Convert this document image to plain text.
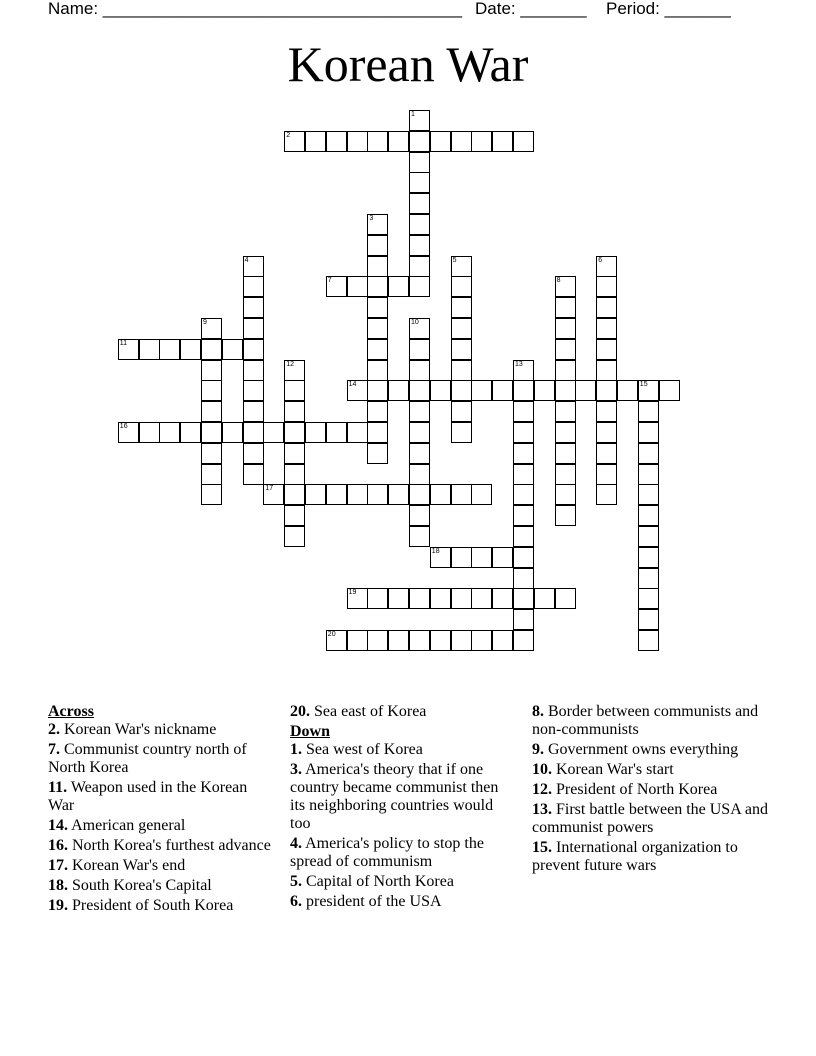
Name: ______________________________________ Date: _______ Period: _______
Korean War
1
2
3
4	5	6
7	8
9	10
11
12	13
14	15
16
17
18
19
20
Across
2. Korean War's nickname
7. Communist country north of North Korea
11. Weapon used in the Korean War
14. American general
16. North Korea's furthest advance
17. Korean War's end
18. South Korea's Capital
19. President of South Korea
20. Sea east of Korea
Down
1. Sea west of Korea
3. America's theory that if one country became communist then its neighboring countries would too
4. America's policy to stop the spread of communism
5. Capital of North Korea
6. president of the USA
8. Border between communists and non-communists
9. Government owns everything
10. Korean War's start
12. President of North Korea
13. First battle between the USA and communist powers
15. International organization to prevent future wars
